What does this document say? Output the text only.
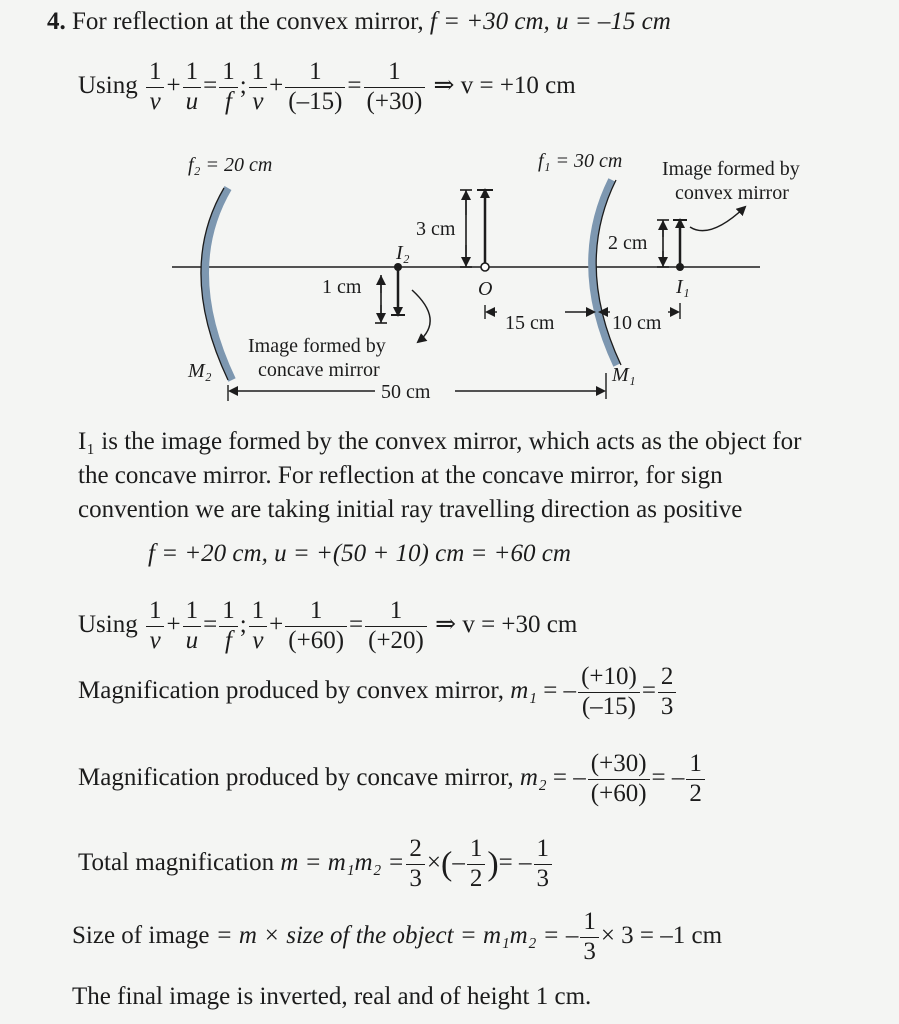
4. For reflection at the convex mirror, f = +30 cm, u = –15 cm
Using $\frac{1}{v} + \frac{1}{u} = \frac{1}{f}$ ; $\frac{1}{v} + \frac{1}{(-15)} = \frac{1}{(+30)}$ ⇒ v = +10 cm
f₂ = 20 cm	f₁ = 30 cm Image formed by
convex mirror
3 cm
O
2 cm
I₁
1 cm
I₂
15 cm	10 cm
Image formed by
concave mirror
M₂	M₁
50 cm
I₁ is the image formed by the convex mirror, which acts as the object for the concave mirror. For reflection at the concave mirror, for sign convention we are taking initial ray travelling direction as positive
f = +20 cm, u = +(50 + 10) cm = +60 cm
Using $\frac{1}{v} + \frac{1}{u} = \frac{1}{f}$ ; $\frac{1}{v} + \frac{1}{(+60)} = \frac{1}{(+20)}$ ⇒ v = +30 cm
Magnification produced by convex mirror, m₁ = – $\frac{(+10)}{(-15)} = \frac{2}{3}$
Magnification produced by concave mirror, m₂ = – $\frac{(+30)}{(+60)}$ = – $\frac{1}{2}$
Total magnification $m = m_1m_2 = \frac{2}{3}$ ×(– $\frac{1}{2}$ )= – $\frac{1}{3}$
Size of image = m × size of the object = m₁m₂ = – $\frac{1}{3} \times 3 = -1$ cm
The final image is inverted, real and of height 1 cm.
